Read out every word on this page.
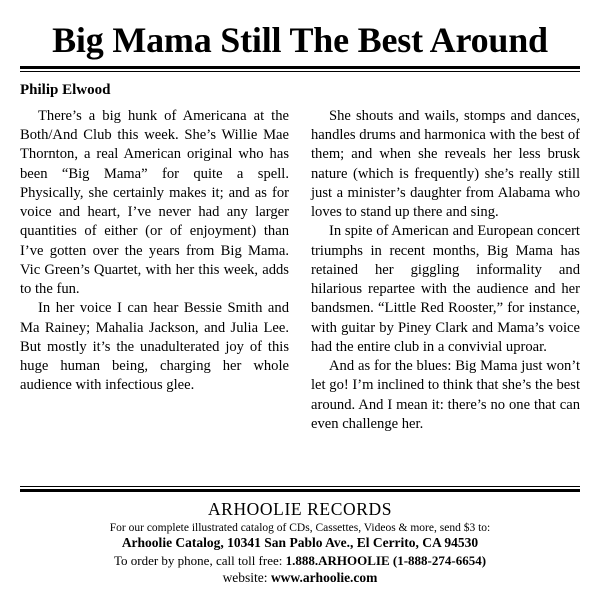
Big Mama Still The Best Around
Philip Elwood

There’s a big hunk of Americana at the Both/And Club this week. She’s Willie Mae Thornton, a real American original who has been “Big Mama” for quite a spell. Physically, she certainly makes it; and as for voice and heart, I’ve never had any larger quantities of either (or of enjoyment) than I’ve gotten over the years from Big Mama. Vic Green’s Quartet, with her this week, adds to the fun.

In her voice I can hear Bessie Smith and Ma Rainey; Mahalia Jackson, and Julia Lee. But mostly it’s the unadulterated joy of this huge human being, charging her whole audience with infectious glee.

She shouts and wails, stomps and dances, handles drums and harmonica with the best of them; and when she reveals her less brusk nature (which is frequently) she’s really still just a minister’s daughter from Alabama who loves to stand up there and sing.

In spite of American and European concert triumphs in recent months, Big Mama has retained her giggling informality and hilarious repartee with the audience and her bandsmen. “Little Red Rooster,” for instance, with guitar by Piney Clark and Mama’s voice had the entire club in a convivial uproar.

And as for the blues: Big Mama just won’t let go! I’m inclined to think that she’s the best around. And I mean it: there’s no one that can even challenge her.

ARHOOLIE RECORDS
For our complete illustrated catalog of CDs, Cassettes, Videos & more, send $3 to:
Arhoolie Catalog, 10341 San Pablo Ave., El Cerrito, CA 94530
To order by phone, call toll free: 1.888.ARHOOLIE (1-888-274-6654)
website: www.arhoolie.com
